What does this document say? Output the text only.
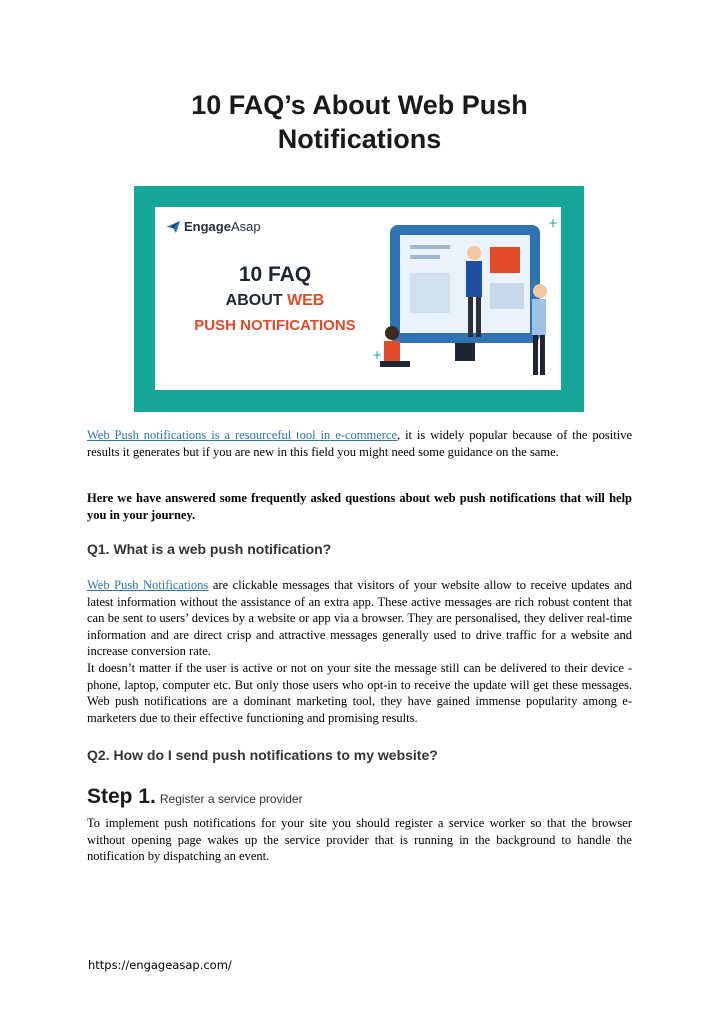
10 FAQ’s About Web Push
Notifications
EngageAsap
10 FAQ
ABOUT WEB
PUSH NOTIFICATIONS
+
+

Web Push notifications is a resourceful tool in e-commerce, it is widely popular because of the positive results it generates but if you are new in this field you might need some guidance on the same.

Here we have answered some frequently asked questions about web push notifications that will help you in your journey.

Q1. What is a web push notification?

Web Push Notifications are clickable messages that visitors of your website allow to receive updates and latest information without the assistance of an extra app. These active messages are rich robust content that can be sent to users’ devices by a website or app via a browser. They are personalised, they deliver real-time information and are direct crisp and attractive messages generally used to drive traffic for a website and increase conversion rate.

It doesn’t matter if the user is active or not on your site the message still can be delivered to their device -phone, laptop, computer etc. But only those users who opt-in to receive the update will get these messages. Web push notifications are a dominant marketing tool, they have gained immense popularity among e-marketers due to their effective functioning and promising results.

Q2. How do I send push notifications to my website?
Step 1. Register a service provider

To implement push notifications for your site you should register a service worker so that the browser without opening page wakes up the service provider that is running in the background to handle the notification by dispatching an event.

https://engageasap.com/
